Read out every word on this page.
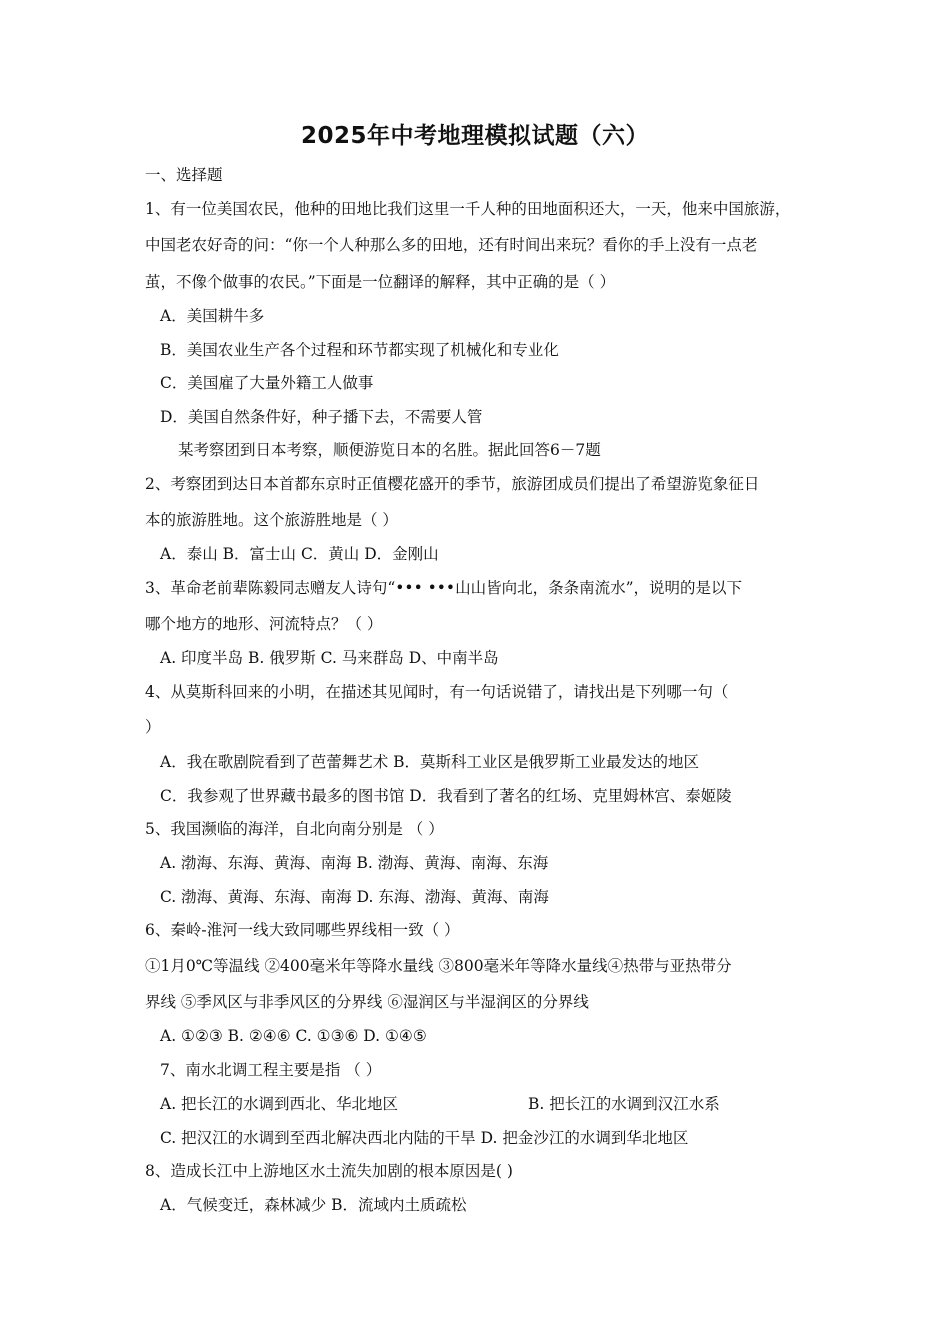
2025年中考地理模拟试题（六）
一、选择题
1、有一位美国农民，他种的田地比我们这里一千人种的田地面积还大，一天，他来中国旅游，
中国老农好奇的问：“你一个人种那么多的田地，还有时间出来玩？看你的手上没有一点老
茧，不像个做事的农民。”下面是一位翻译的解释，其中正确的是（ ）
A．美国耕牛多
B．美国农业生产各个过程和环节都实现了机械化和专业化
C．美国雇了大量外籍工人做事
D．美国自然条件好，种子播下去，不需要人管
某考察团到日本考察，顺便游览日本的名胜。据此回答6－7题
2、考察团到达日本首都东京时正值樱花盛开的季节，旅游团成员们提出了希望游览象征日
本的旅游胜地。这个旅游胜地是（ ）
A．泰山 B．富士山 C．黄山 D．金刚山
3、革命老前辈陈毅同志赠友人诗句“••• •••山山皆向北，条条南流水”，说明的是以下
哪个地方的地形、河流特点？（ ）
A. 印度半岛 B. 俄罗斯 C. 马来群岛 D、中南半岛
4、从莫斯科回来的小明，在描述其见闻时，有一句话说错了，请找出是下列哪一句（
）
A．我在歌剧院看到了芭蕾舞艺术 B．莫斯科工业区是俄罗斯工业最发达的地区
C．我参观了世界藏书最多的图书馆 D．我看到了著名的红场、克里姆林宫、泰姬陵
5、我国濒临的海洋，自北向南分别是 （ ）
A. 渤海、东海、黄海、南海 B. 渤海、黄海、南海、东海
C. 渤海、黄海、东海、南海 D. 东海、渤海、黄海、南海
6、秦岭-淮河一线大致同哪些界线相一致（ ）
①1月0℃等温线 ②400毫米年等降水量线 ③800毫米年等降水量线④热带与亚热带分
界线 ⑤季风区与非季风区的分界线 ⑥湿润区与半湿润区的分界线
A. ①②③ B. ②④⑥ C. ①③⑥ D. ①④⑤
7、南水北调工程主要是指 （ ）
A. 把长江的水调到西北、华北地区	B. 把长江的水调到汉江水系
C. 把汉江的水调到至西北解决西北内陆的干旱 D. 把金沙江的水调到华北地区
8、造成长江中上游地区水土流失加剧的根本原因是( )
A．气候变迁，森林减少 B．流域内土质疏松
